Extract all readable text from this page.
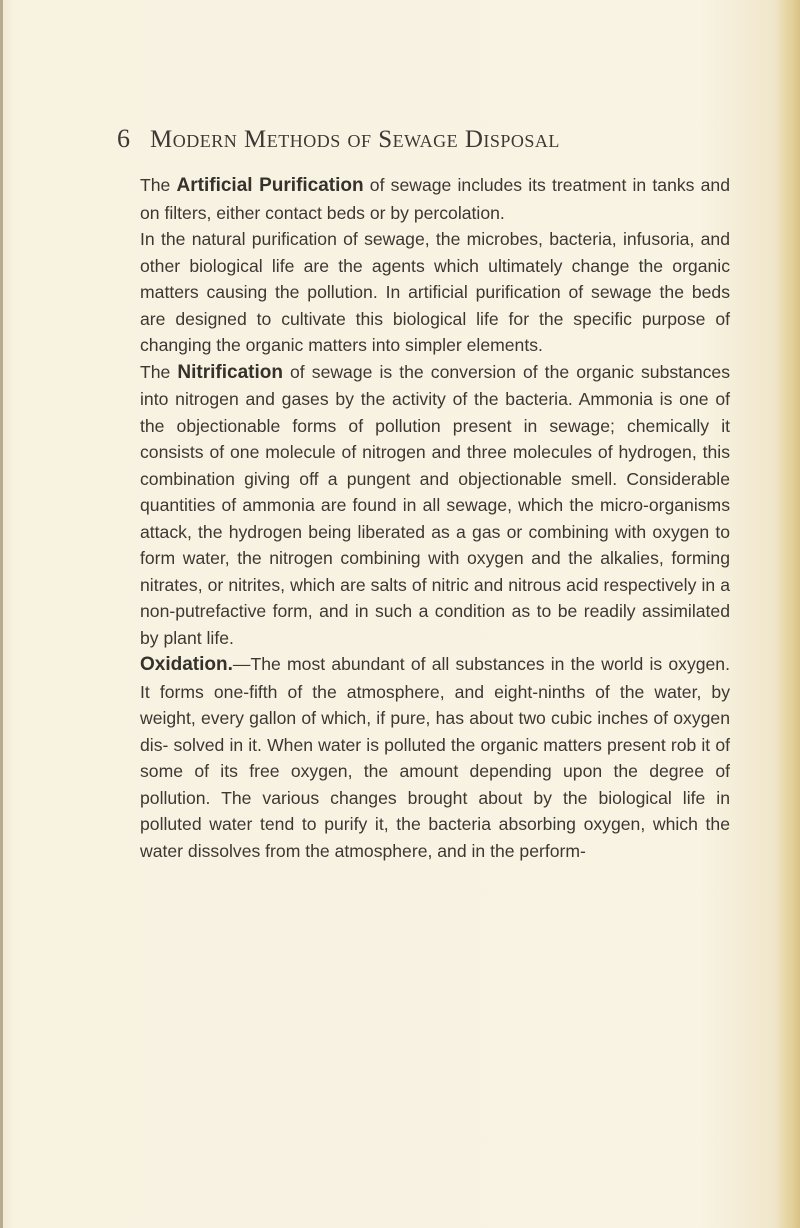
6 Modern Methods of Sewage Disposal

The Artificial Purification of sewage includes its treatment in tanks and on filters, either contact beds or by percolation.

In the natural purification of sewage, the microbes, bacteria, infusoria, and other biological life are the agents which ultimately change the organic matters causing the pollution. In artificial purification of sewage the beds are designed to cultivate this biological life for the specific purpose of changing the organic matters into simpler elements.

The Nitrification of sewage is the conversion of the organic substances into nitrogen and gases by the activity of the bacteria. Ammonia is one of the objectionable forms of pollution present in sewage; chemically it consists of one molecule of nitrogen and three molecules of hydrogen, this combination giving off a pungent and objectionable smell. Considerable quantities of ammonia are found in all sewage, which the micro-organisms attack, the hydrogen being liberated as a gas or combining with oxygen to form water, the nitrogen combining with oxygen and the alkalies, forming nitrates, or nitrites, which are salts of nitric and nitrous acid respectively in a non-putrefactive form, and in such a condition as to be readily assimilated by plant life.

Oxidation.—The most abundant of all substances in the world is oxygen. It forms one-fifth of the atmosphere, and eight-ninths of the water, by weight, every gallon of which, if pure, has about two cubic inches of oxygen dis- solved in it. When water is polluted the organic matters present rob it of some of its free oxygen, the amount depending upon the degree of pollution. The various changes brought about by the biological life in polluted water tend to purify it, the bacteria absorbing oxygen, which the water dissolves from the atmosphere, and in the perform-
